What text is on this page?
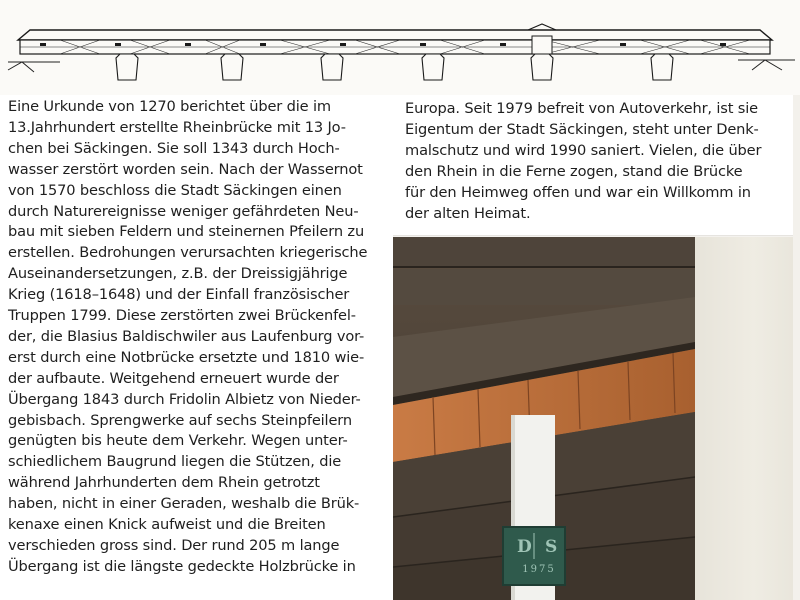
Eine Urkunde von 1270 berichtet über die im
13.Jahrhundert erstellte Rheinbrücke mit 13 Jo-
chen bei Säckingen. Sie soll 1343 durch Hoch-
wasser zerstört worden sein. Nach der Wassernot
von 1570 beschloss die Stadt Säckingen einen
durch Naturereignisse weniger gefährdeten Neu-
bau mit sieben Feldern und steinernen Pfeilern zu
erstellen. Bedrohungen verursachten kriegerische
Auseinandersetzungen, z.B. der Dreissigjährige
Krieg (1618–1648) und der Einfall französischer
Truppen 1799. Diese zerstörten zwei Brückenfel-
der, die Blasius Baldischwiler aus Laufenburg vor-
erst durch eine Notbrücke ersetzte und 1810 wie-
der aufbaute. Weitgehend erneuert wurde der
Übergang 1843 durch Fridolin Albietz von Nieder-
gebisbach. Sprengwerke auf sechs Steinpfeilern
genügten bis heute dem Verkehr. Wegen unter-
schiedlichem Baugrund liegen die Stützen, die
während Jahrhunderten dem Rhein getrotzt
haben, nicht in einer Geraden, weshalb die Brük-
kenaxe einen Knick aufweist und die Breiten
verschieden gross sind. Der rund 205 m lange
Übergang ist die längste gedeckte Holzbrücke in
Europa. Seit 1979 befreit von Autoverkehr, ist sie
Eigentum der Stadt Säckingen, steht unter Denk-
malschutz und wird 1990 saniert. Vielen, die über
den Rhein in die Ferne zogen, stand die Brücke
für den Heimweg offen und war ein Willkomm in
der alten Heimat.
D S
1975
